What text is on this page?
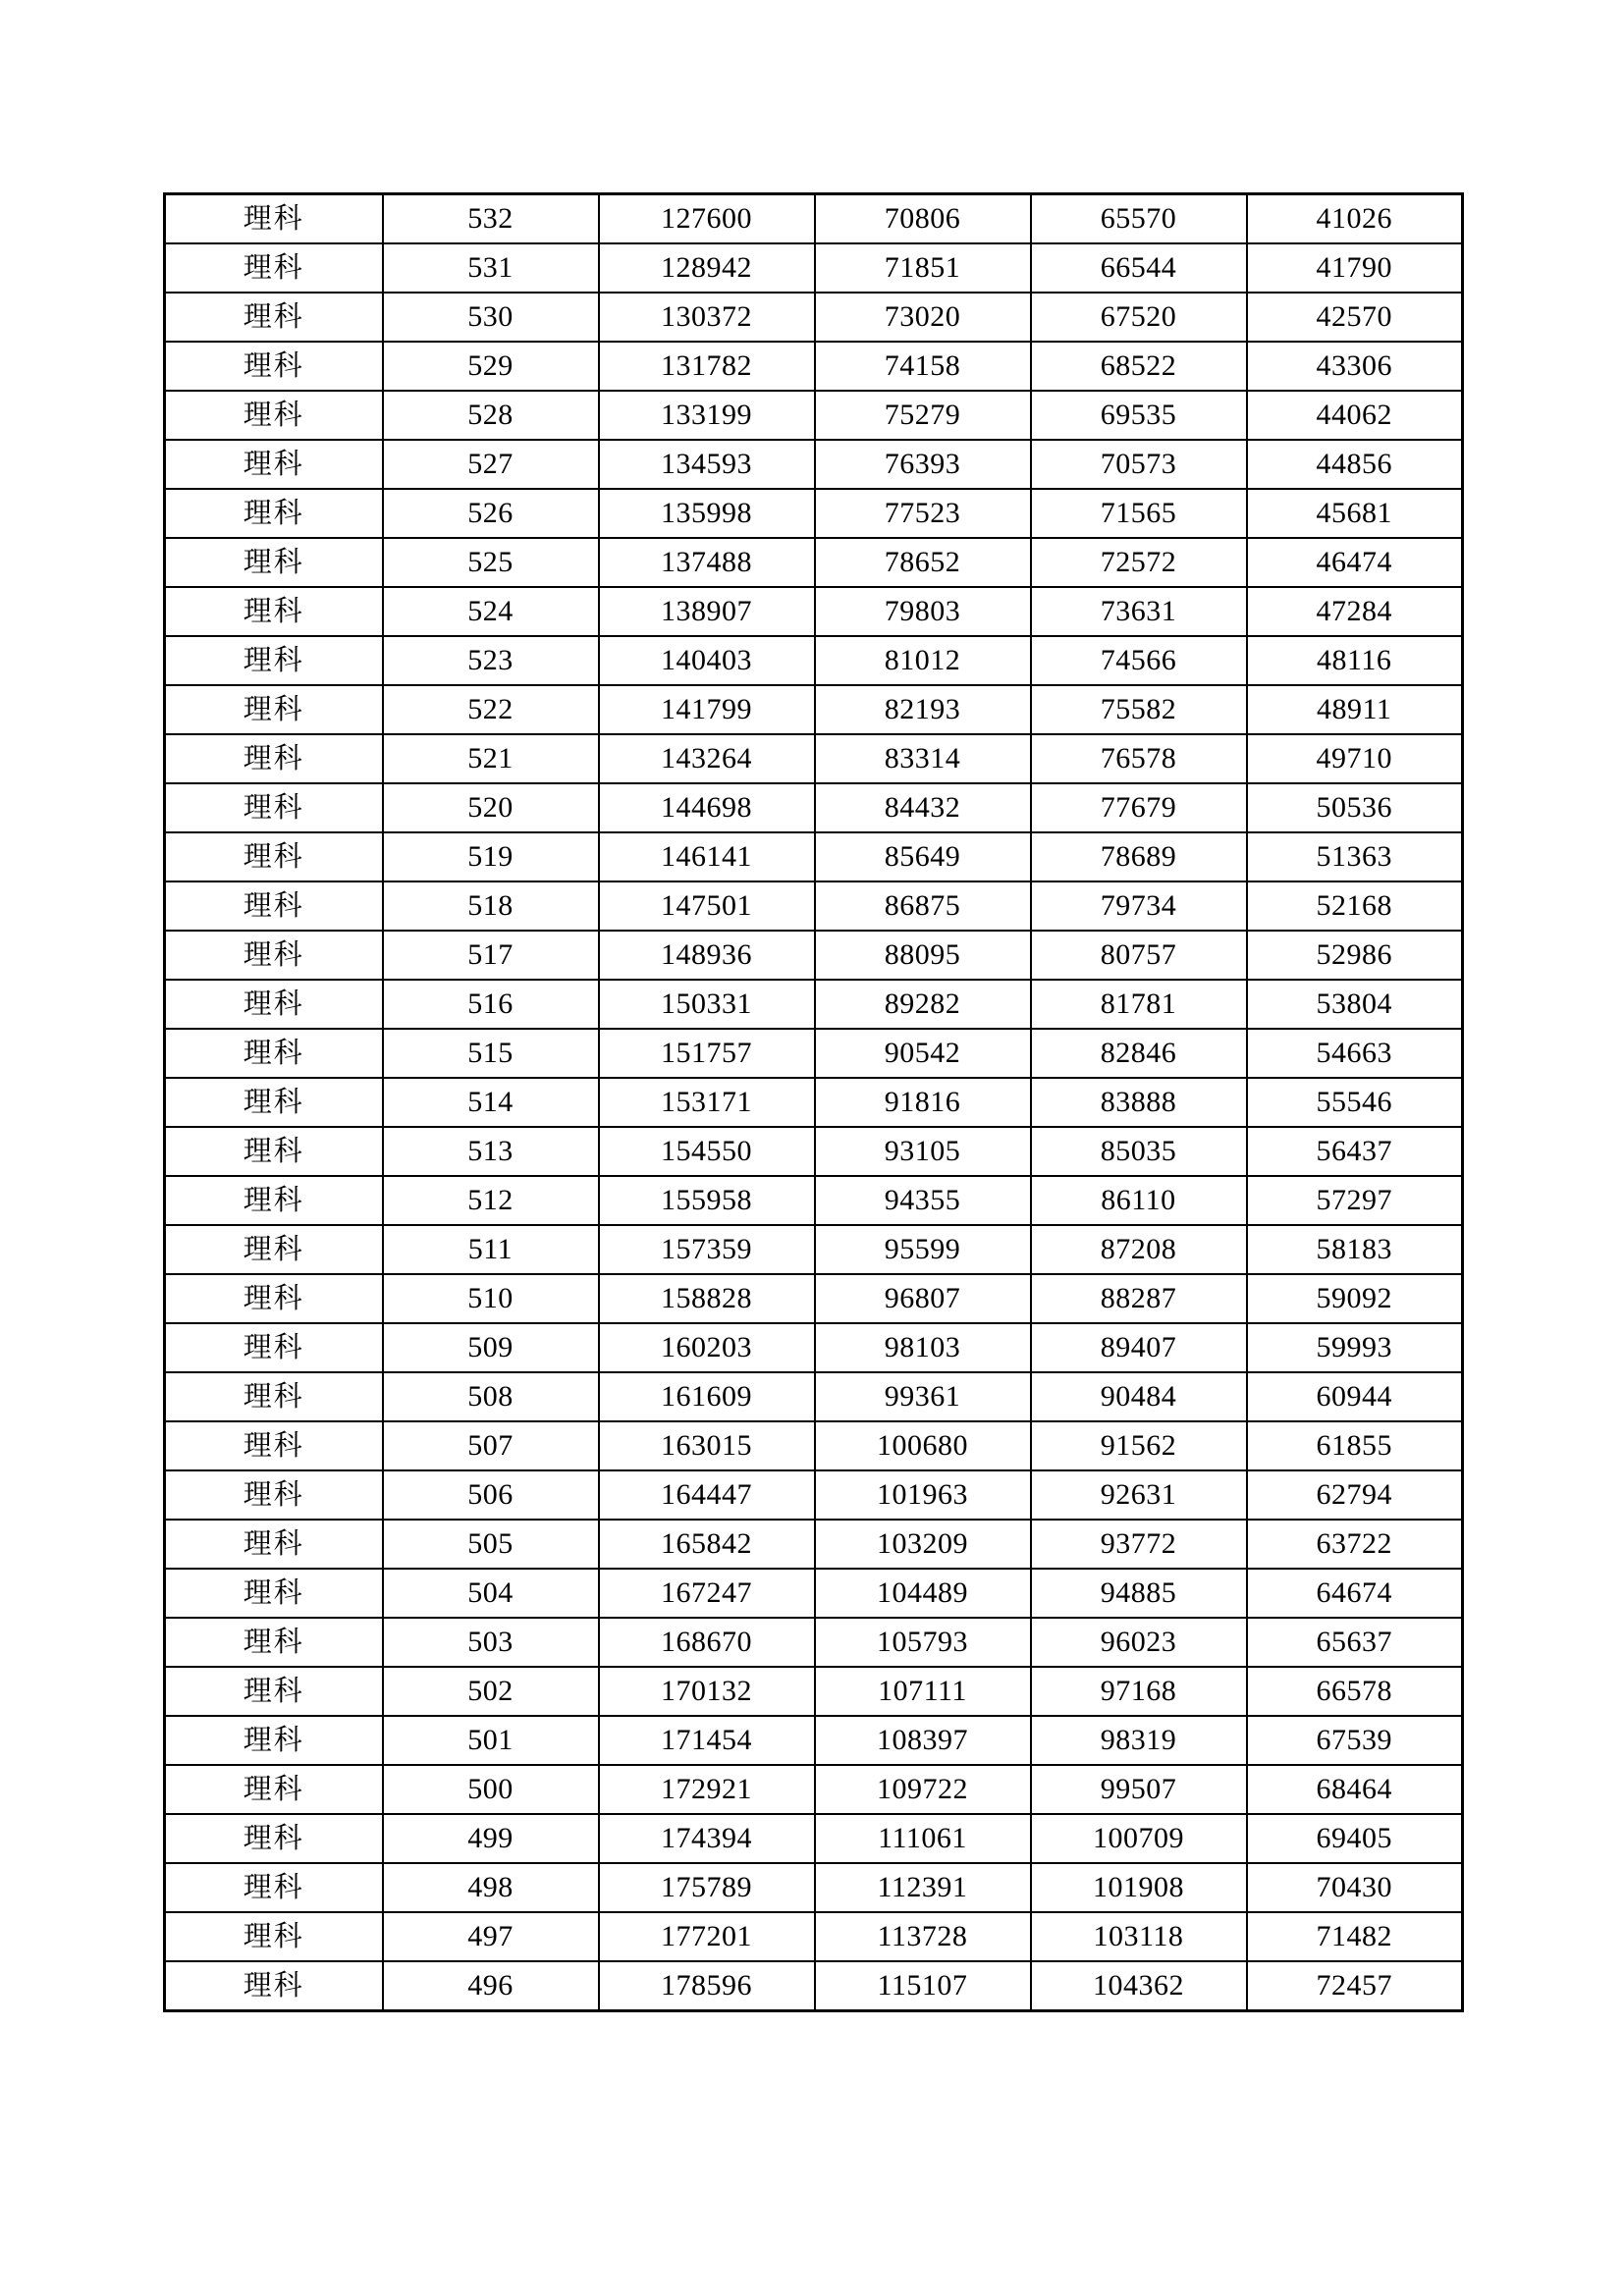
理科	532	127600	70806	65570	41026
理科	531	128942	71851	66544	41790
理科	530	130372	73020	67520	42570
理科	529	131782	74158	68522	43306
理科	528	133199	75279	69535	44062
理科	527	134593	76393	70573	44856
理科	526	135998	77523	71565	45681
理科	525	137488	78652	72572	46474
理科	524	138907	79803	73631	47284
理科	523	140403	81012	74566	48116
理科	522	141799	82193	75582	48911
理科	521	143264	83314	76578	49710
理科	520	144698	84432	77679	50536
理科	519	146141	85649	78689	51363
理科	518	147501	86875	79734	52168
理科	517	148936	88095	80757	52986
理科	516	150331	89282	81781	53804
理科	515	151757	90542	82846	54663
理科	514	153171	91816	83888	55546
理科	513	154550	93105	85035	56437
理科	512	155958	94355	86110	57297
理科	511	157359	95599	87208	58183
理科	510	158828	96807	88287	59092
理科	509	160203	98103	89407	59993
理科	508	161609	99361	90484	60944
理科	507	163015	100680	91562	61855
理科	506	164447	101963	92631	62794
理科	505	165842	103209	93772	63722
理科	504	167247	104489	94885	64674
理科	503	168670	105793	96023	65637
理科	502	170132	107111	97168	66578
理科	501	171454	108397	98319	67539
理科	500	172921	109722	99507	68464
理科	499	174394	111061	100709	69405
理科	498	175789	112391	101908	70430
理科	497	177201	113728	103118	71482
理科	496	178596	115107	104362	72457
